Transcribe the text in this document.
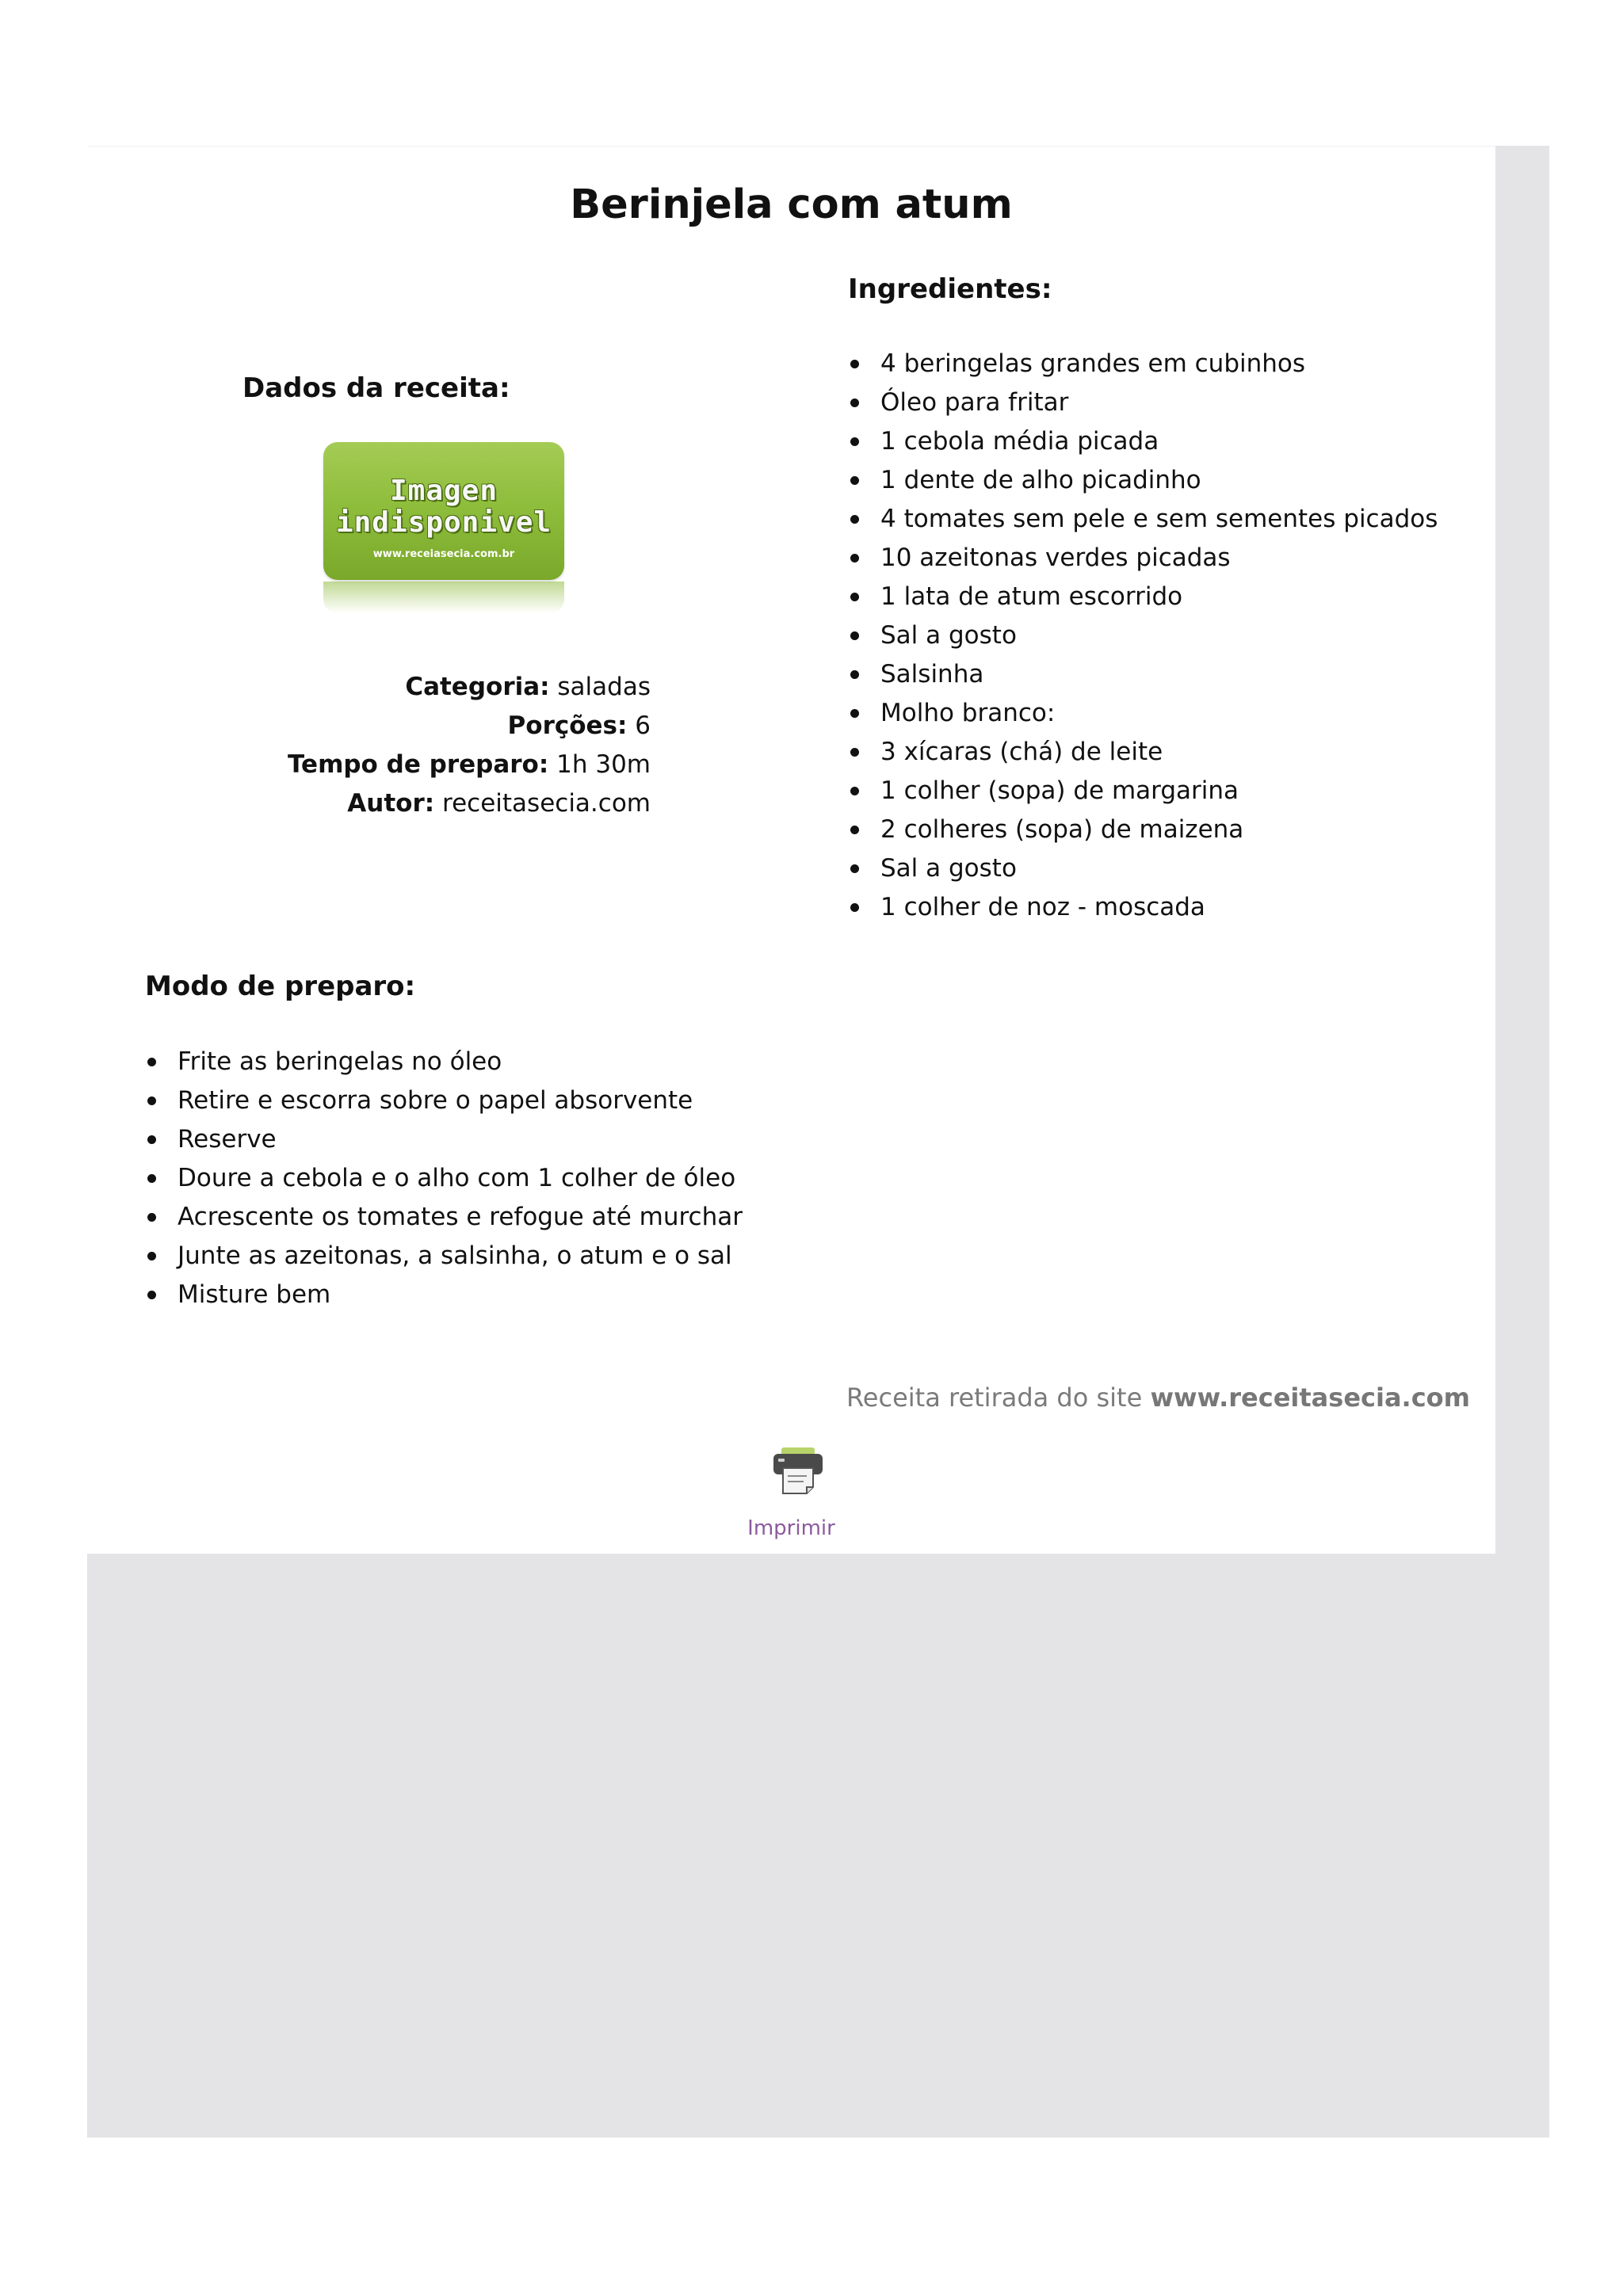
Berinjela com atum
Dados da receita:
Imagen
indisponivel
www.receiasecia.com.br
Categoria: saladas
Porções: 6
Tempo de preparo: 1h 30m
Autor: receitasecia.com
Ingredientes:
4 beringelas grandes em cubinhos
Óleo para fritar
1 cebola média picada
1 dente de alho picadinho
4 tomates sem pele e sem sementes picados
10 azeitonas verdes picadas
1 lata de atum escorrido
Sal a gosto
Salsinha
Molho branco:
3 xícaras (chá) de leite
1 colher (sopa) de margarina
2 colheres (sopa) de maizena
Sal a gosto
1 colher de noz - moscada
Modo de preparo:
Frite as beringelas no óleo
Retire e escorra sobre o papel absorvente
Reserve
Doure a cebola e o alho com 1 colher de óleo
Acrescente os tomates e refogue até murchar
Junte as azeitonas, a salsinha, o atum e o sal
Misture bem
Receita retirada do site www.receitasecia.com
Imprimir
